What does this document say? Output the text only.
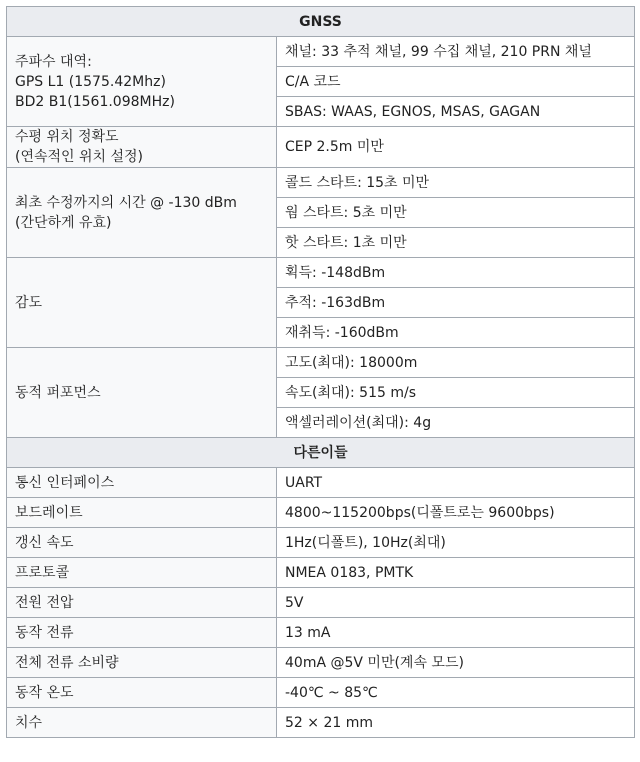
GNSS	

주파수 대역:
GPS L1 (1575.42Mhz)
BD2 B1(1561.098MHz)	채널: 33 추적 채널, 99 수집 채널, 210 PRN 채널
	C/A 코드
	SBAS: WAAS, EGNOS, MSAS, GAGAN

수평 위치 정확도
(연속적인 위치 설정)	CEP 2.5m 미만

최초 수정까지의 시간 @ -130 dBm
(간단하게 유효)	콜드 스타트: 15초 미만
	웜 스타트: 5초 미만
	핫 스타트: 1초 미만
감도	획득: -148dBm
	추적: -163dBm
	재취득: -160dBm
동적 퍼포먼스	고도(최대): 18000m
	속도(최대): 515 m/s
	액셀러레이션(최대): 4g
다른이들	
통신 인터페이스	UART
보드레이트	4800~115200bps(디폴트로는 9600bps)
갱신 속도	1Hz(디폴트), 10Hz(최대)
프로토콜	NMEA 0183, PMTK
전원 전압	5V
동작 전류	13 mA
전체 전류 소비량	40mA @5V 미만(계속 모드)
동작 온도	-40℃ ~ 85℃
치수	52 × 21 mm
